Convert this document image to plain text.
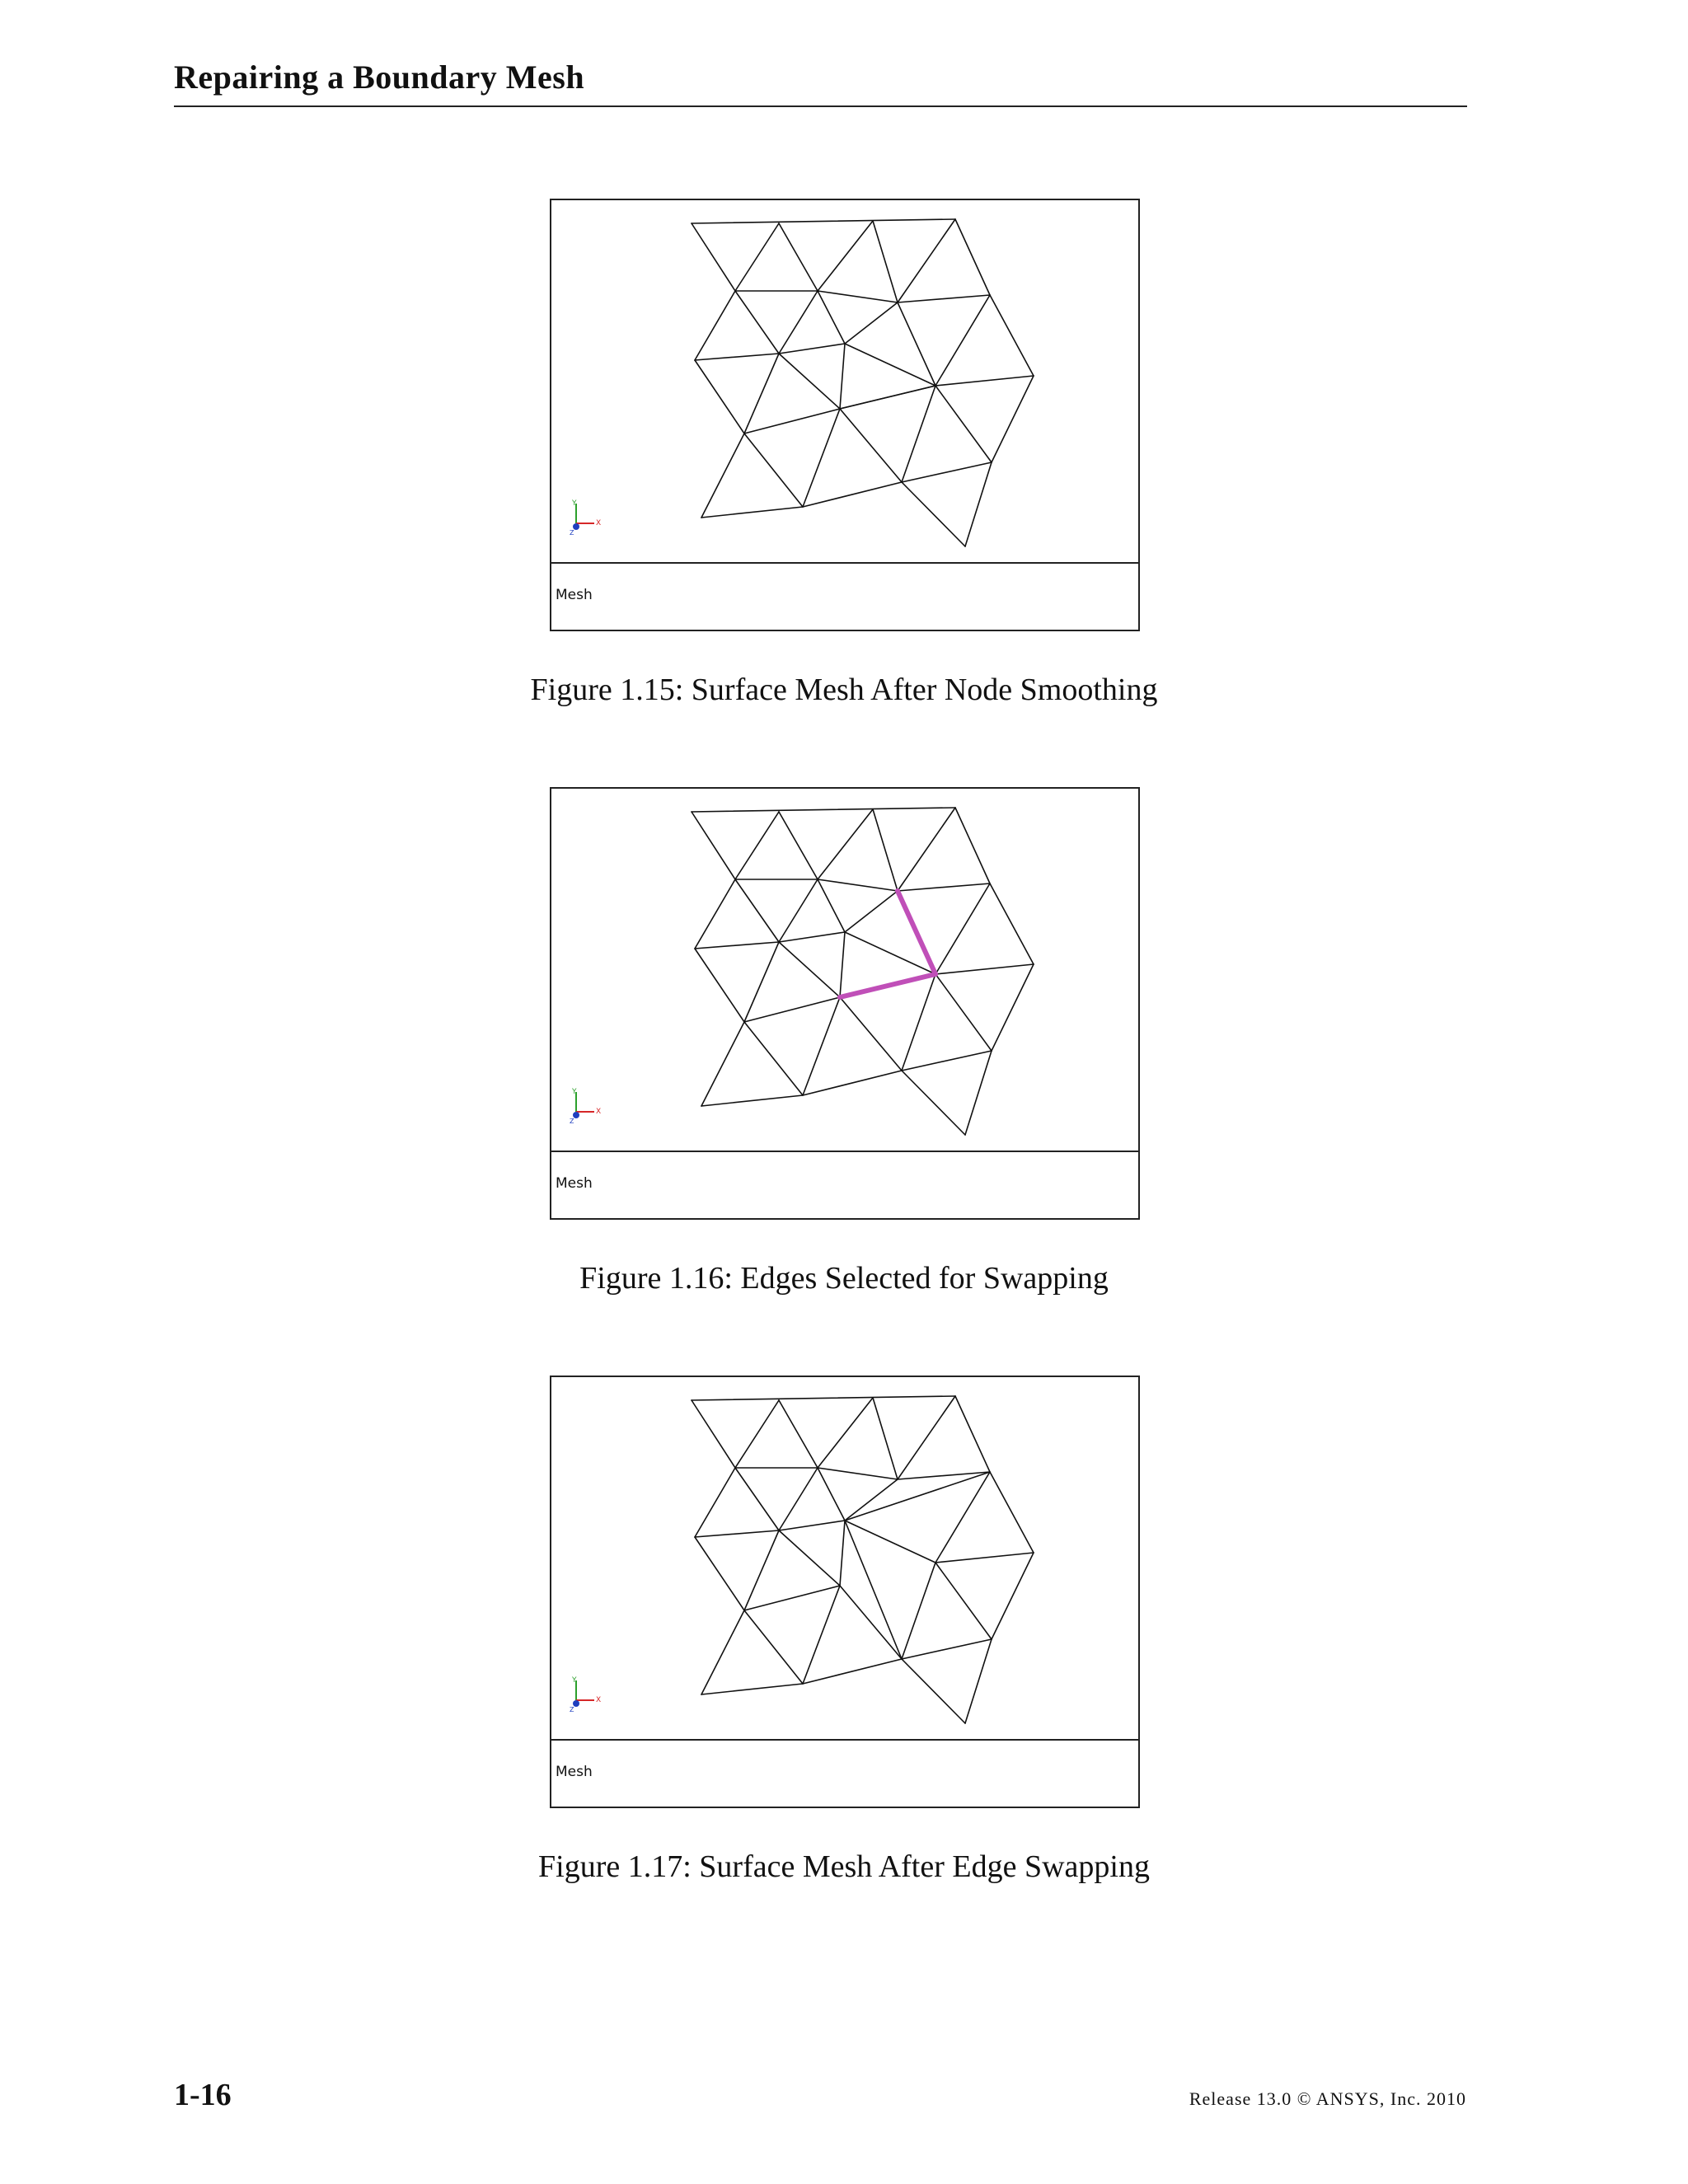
Repairing a Boundary Mesh
Y
X
Z
Mesh
Figure 1.15: Surface Mesh After Node Smoothing
Y
X
Z
Mesh
Figure 1.16: Edges Selected for Swapping
Y
X
Z
Mesh
Figure 1.17: Surface Mesh After Edge Swapping
1-16	Release 13.0 © ANSYS, Inc. 2010
